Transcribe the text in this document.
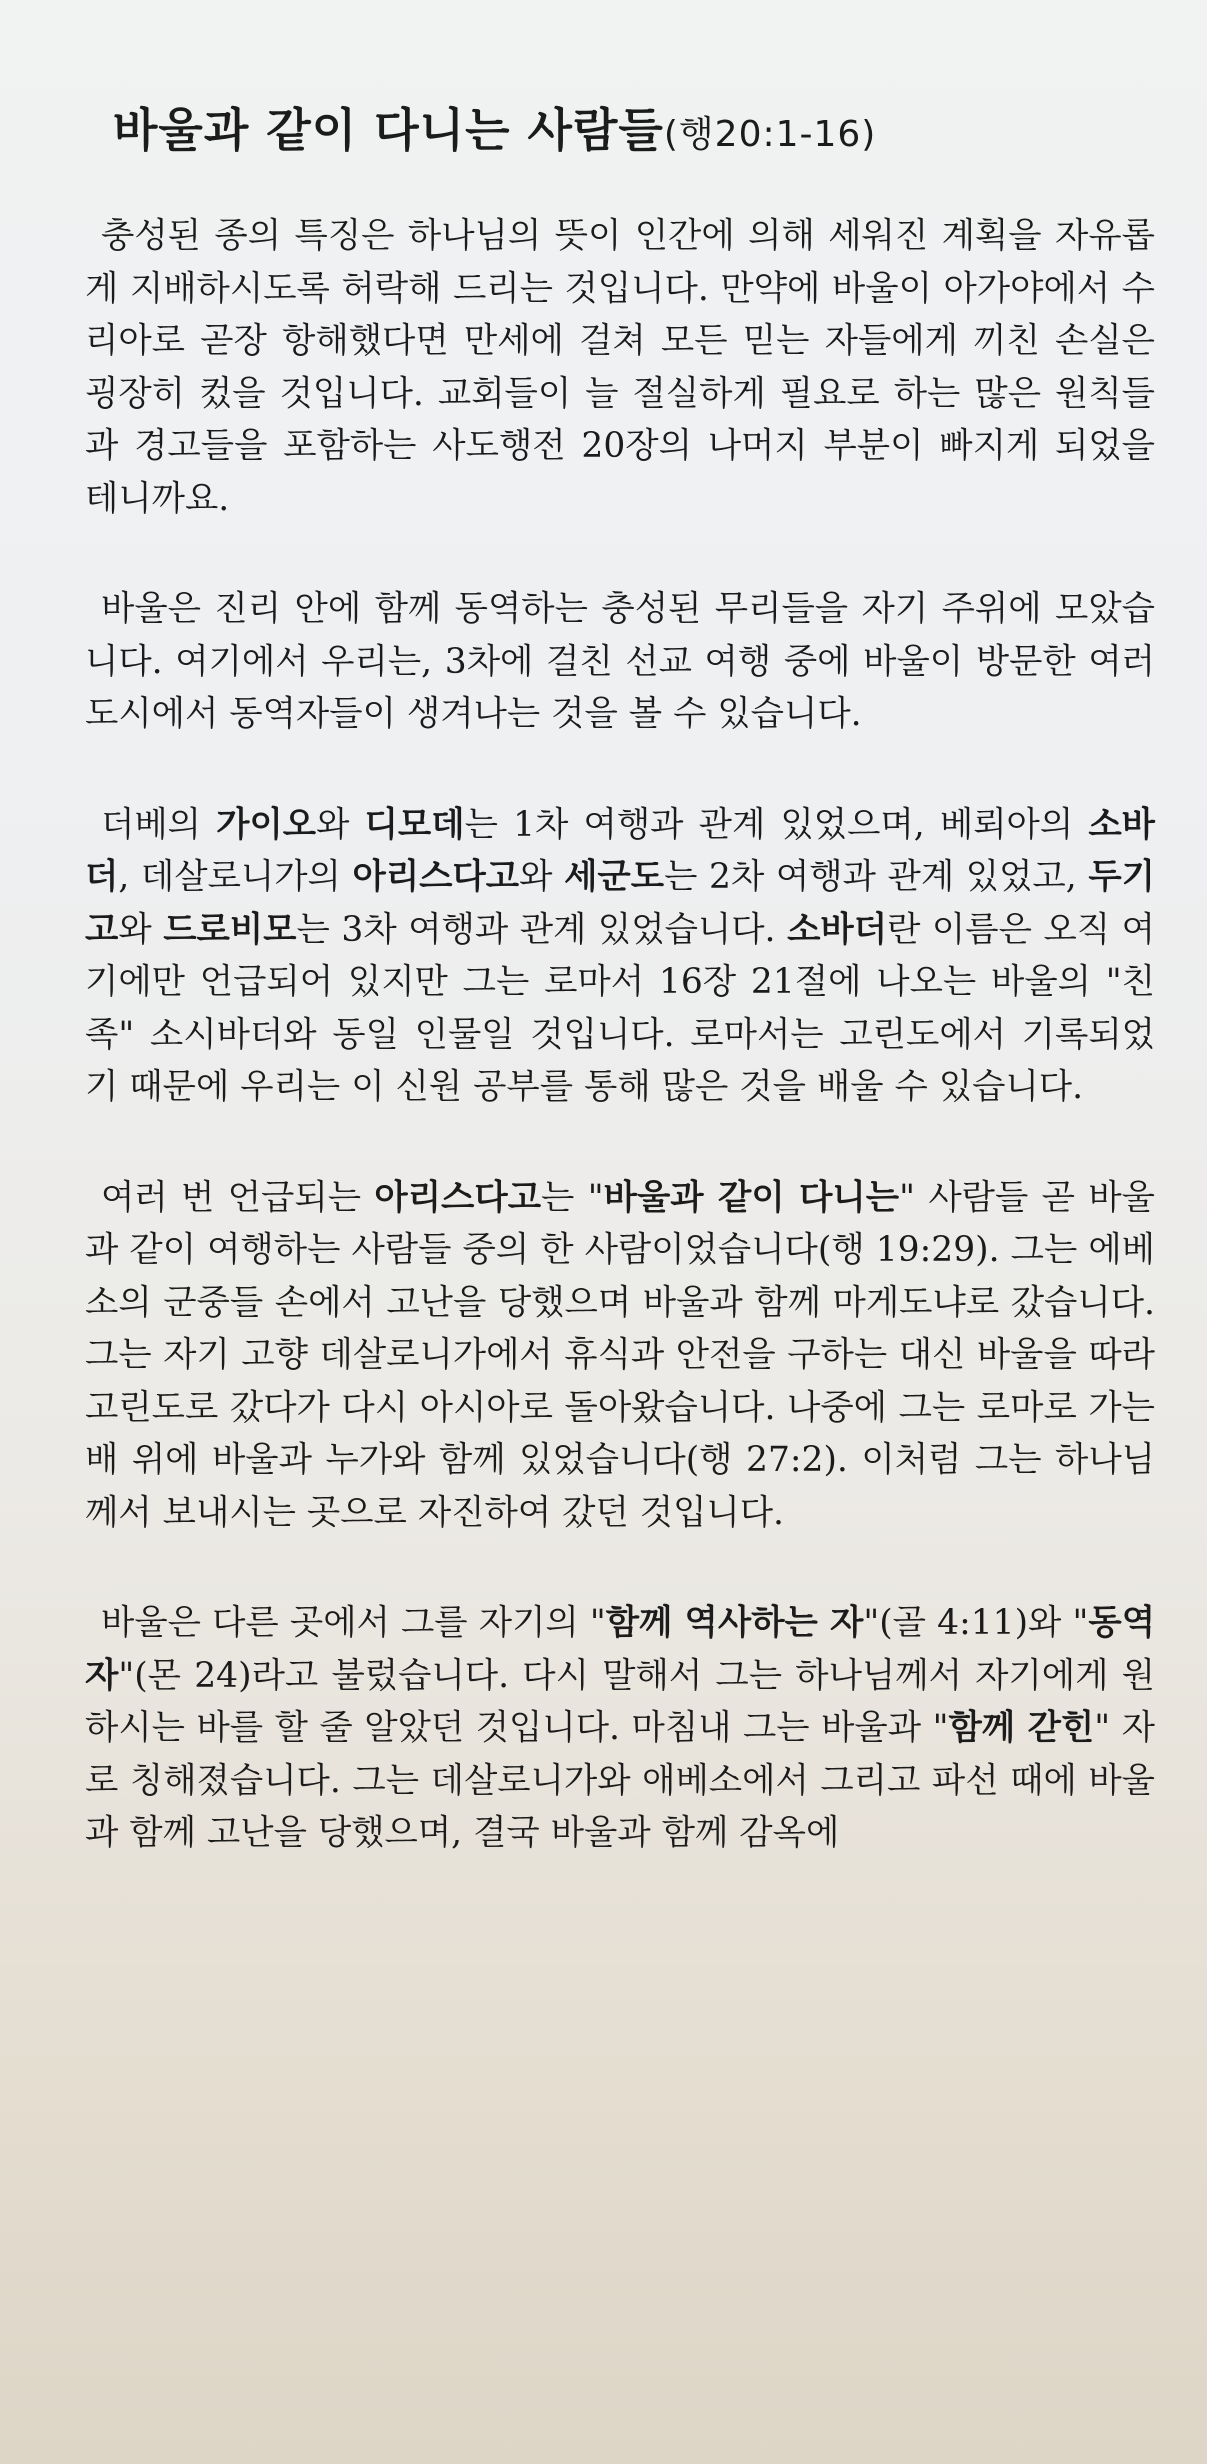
바울과 같이 다니는 사람들(행20:1-16)

충성된 종의 특징은 하나님의 뜻이 인간에 의해 세워진 계획을 자유롭게 지배하시도록 허락해 드리는 것입니다. 만약에 바울이 아가야에서 수리아로 곧장 항해했다면 만세에 걸쳐 모든 믿는 자들에게 끼친 손실은 굉장히 컸을 것입니다. 교회들이 늘 절실하게 필요로 하는 많은 원칙들과 경고들을 포함하는 사도행전 20장의 나머지 부분이 빠지게 되었을 테니까요.

바울은 진리 안에 함께 동역하는 충성된 무리들을 자기 주위에 모았습니다. 여기에서 우리는, 3차에 걸친 선교 여행 중에 바울이 방문한 여러 도시에서 동역자들이 생겨나는 것을 볼 수 있습니다.

더베의 가이오와 디모데는 1차 여행과 관계 있었으며, 베뢰아의 소바더, 데살로니가의 아리스다고와 세군도는 2차 여행과 관계 있었고, 두기고와 드로비모는 3차 여행과 관계 있었습니다. 소바더란 이름은 오직 여기에만 언급되어 있지만 그는 로마서 16장 21절에 나오는 바울의 "친족" 소시바더와 동일 인물일 것입니다. 로마서는 고린도에서 기록되었기 때문에 우리는 이 신원 공부를 통해 많은 것을 배울 수 있습니다.

여러 번 언급되는 아리스다고는 "바울과 같이 다니는" 사람들 곧 바울과 같이 여행하는 사람들 중의 한 사람이었습니다(행 19:29). 그는 에베소의 군중들 손에서 고난을 당했으며 바울과 함께 마게도냐로 갔습니다. 그는 자기 고향 데살로니가에서 휴식과 안전을 구하는 대신 바울을 따라 고린도로 갔다가 다시 아시아로 돌아왔습니다. 나중에 그는 로마로 가는 배 위에 바울과 누가와 함께 있었습니다(행 27:2). 이처럼 그는 하나님께서 보내시는 곳으로 자진하여 갔던 것입니다.

바울은 다른 곳에서 그를 자기의 "함께 역사하는 자"(골 4:11)와 "동역자"(몬 24)라고 불렀습니다. 다시 말해서 그는 하나님께서 자기에게 원하시는 바를 할 줄 알았던 것입니다. 마침내 그는 바울과 "함께 갇힌" 자로 칭해졌습니다. 그는 데살로니가와 애베소에서 그리고 파선 때에 바울과 함께 고난을 당했으며, 결국 바울과 함께 감옥에
